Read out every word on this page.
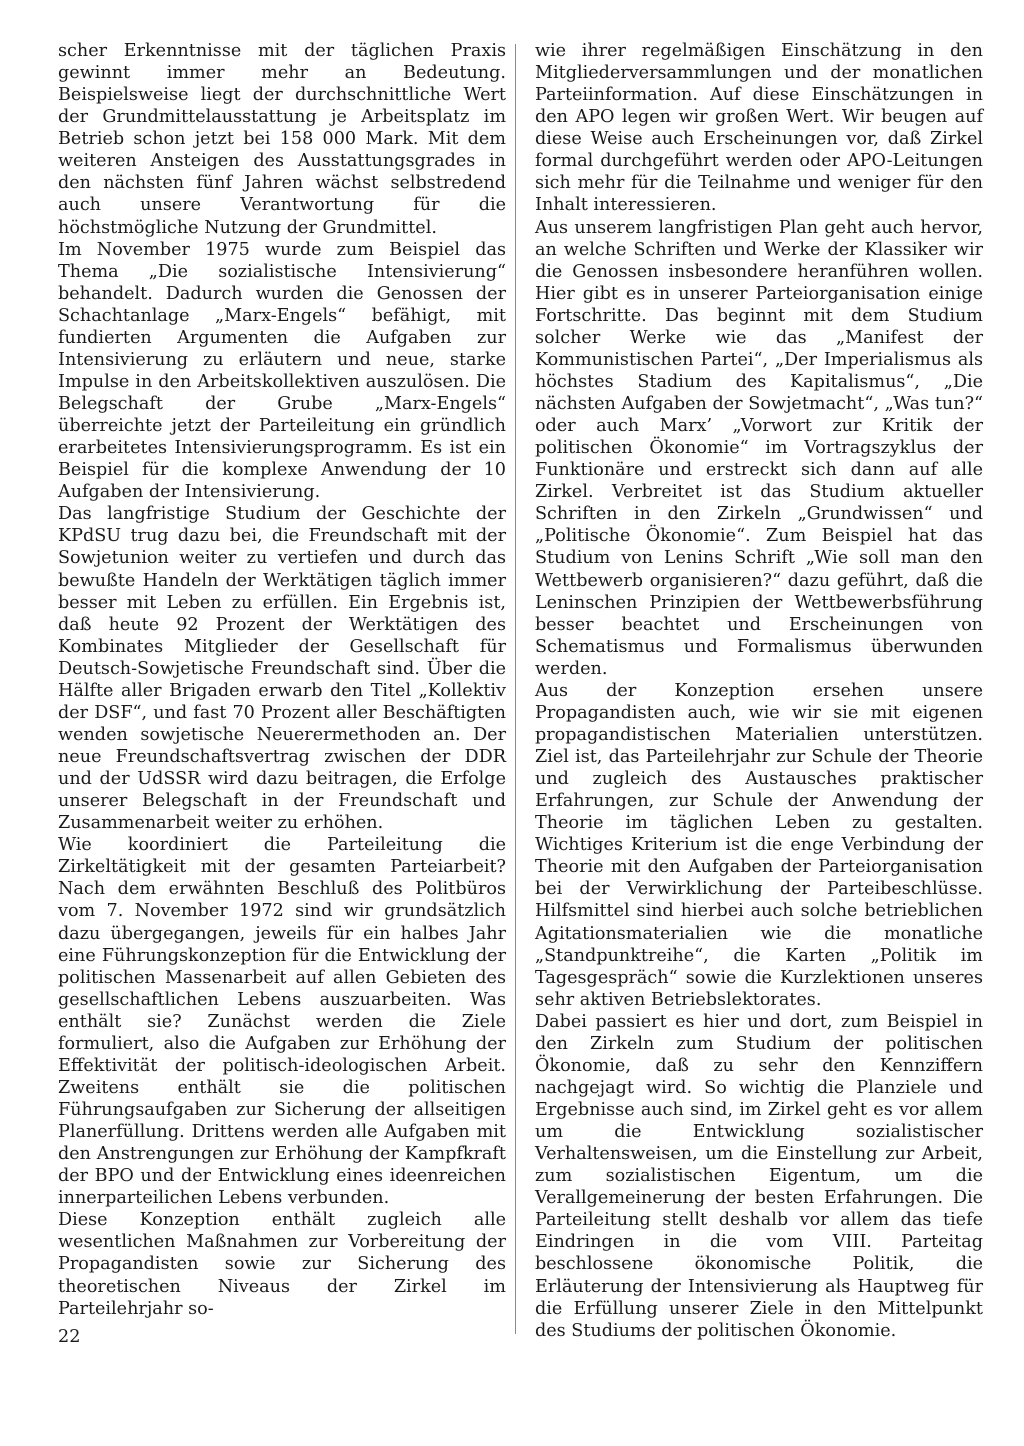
scher Erkenntnisse mit der täglichen Praxis gewinnt immer mehr an Bedeutung. Beispielsweise liegt der durchschnittliche Wert der Grundmittelausstattung je Arbeitsplatz im Betrieb schon jetzt bei 158 000 Mark. Mit dem weiteren Ansteigen des Ausstattungsgrades in den nächsten fünf Jahren wächst selbstredend auch unsere Verantwortung für die höchstmögliche Nutzung der Grundmittel.

Im November 1975 wurde zum Beispiel das Thema „Die sozialistische Intensivierung“ behandelt. Dadurch wurden die Genossen der Schachtanlage „Marx-Engels“ befähigt, mit fundierten Argumenten die Aufgaben zur Intensivierung zu erläutern und neue, starke Impulse in den Arbeitskollektiven auszulösen. Die Belegschaft der Grube „Marx-Engels“ überreichte jetzt der Parteileitung ein gründlich erarbeitetes Intensivierungsprogramm. Es ist ein Beispiel für die komplexe Anwendung der 10 Aufgaben der Intensivierung.

Das langfristige Studium der Geschichte der KPdSU trug dazu bei, die Freundschaft mit der Sowjetunion weiter zu vertiefen und durch das bewußte Handeln der Werktätigen täglich immer besser mit Leben zu erfüllen. Ein Ergebnis ist, daß heute 92 Prozent der Werktätigen des Kombinates Mitglieder der Gesellschaft für Deutsch-Sowjetische Freundschaft sind. Über die Hälfte aller Brigaden erwarb den Titel „Kollektiv der DSF“, und fast 70 Prozent aller Beschäftigten wenden sowjetische Neuerermethoden an. Der neue Freundschaftsvertrag zwischen der DDR und der UdSSR wird dazu beitragen, die Erfolge unserer Belegschaft in der Freundschaft und Zusammenarbeit weiter zu erhöhen.

Wie koordiniert die Parteileitung die Zirkeltätigkeit mit der gesamten Parteiarbeit? Nach dem erwähnten Beschluß des Politbüros vom 7. November 1972 sind wir grundsätzlich dazu übergegangen, jeweils für ein halbes Jahr eine Führungskonzeption für die Entwicklung der politischen Massenarbeit auf allen Gebieten des gesellschaftlichen Lebens auszuarbeiten. Was enthält sie? Zunächst werden die Ziele formuliert, also die Aufgaben zur Erhöhung der Effektivität der politisch-ideologischen Arbeit. Zweitens enthält sie die politischen Führungsaufgaben zur Sicherung der allseitigen Planerfüllung. Drittens werden alle Aufgaben mit den Anstrengungen zur Erhöhung der Kampfkraft der BPO und der Entwicklung eines ideenreichen innerparteilichen Lebens verbunden.

Diese Konzeption enthält zugleich alle wesentlichen Maßnahmen zur Vorbereitung der Propagandisten sowie zur Sicherung des theoretischen Niveaus der Zirkel im Parteilehrjahr so-

wie ihrer regelmäßigen Einschätzung in den Mitgliederversammlungen und der monatlichen Parteiinformation. Auf diese Einschätzungen in den APO legen wir großen Wert. Wir beugen auf diese Weise auch Erscheinungen vor, daß Zirkel formal durchgeführt werden oder APO-Leitungen sich mehr für die Teilnahme und weniger für den Inhalt interessieren.

Aus unserem langfristigen Plan geht auch hervor, an welche Schriften und Werke der Klassiker wir die Genossen insbesondere heranführen wollen. Hier gibt es in unserer Parteiorganisation einige Fortschritte. Das beginnt mit dem Studium solcher Werke wie das „Manifest der Kommunistischen Partei“, „Der Imperialismus als höchstes Stadium des Kapitalismus“, „Die nächsten Aufgaben der Sowjetmacht“, „Was tun?“ oder auch Marx’ „Vorwort zur Kritik der politischen Ökonomie“ im Vortragszyklus der Funktionäre und erstreckt sich dann auf alle Zirkel. Verbreitet ist das Studium aktueller Schriften in den Zirkeln „Grundwissen“ und „Politische Ökonomie“. Zum Beispiel hat das Studium von Lenins Schrift „Wie soll man den Wettbewerb organisieren?“ dazu geführt, daß die Leninschen Prinzipien der Wettbewerbsführung besser beachtet und Erscheinungen von Schematismus und Formalismus überwunden werden.

Aus der Konzeption ersehen unsere Propagandisten auch, wie wir sie mit eigenen propagandistischen Materialien unterstützen. Ziel ist, das Parteilehrjahr zur Schule der Theorie und zugleich des Austausches praktischer Erfahrungen, zur Schule der Anwendung der Theorie im täglichen Leben zu gestalten. Wichtiges Kriterium ist die enge Verbindung der Theorie mit den Aufgaben der Parteiorganisation bei der Verwirklichung der Parteibeschlüsse. Hilfsmittel sind hierbei auch solche betrieblichen Agitationsmaterialien wie die monatliche „Standpunktreihe“, die Karten „Politik im Tagesgespräch“ sowie die Kurzlektionen unseres sehr aktiven Betriebslektorates.

Dabei passiert es hier und dort, zum Beispiel in den Zirkeln zum Studium der politischen Ökonomie, daß zu sehr den Kennziffern nachgejagt wird. So wichtig die Planziele und Ergebnisse auch sind, im Zirkel geht es vor allem um die Entwicklung sozialistischer Verhaltensweisen, um die Einstellung zur Arbeit, zum sozialistischen Eigentum, um die Verallgemeinerung der besten Erfahrungen. Die Parteileitung stellt deshalb vor allem das tiefe Eindringen in die vom VIII. Parteitag beschlossene ökonomische Politik, die Erläuterung der Intensivierung als Hauptweg für die Erfüllung unserer Ziele in den Mittelpunkt des Studiums der politischen Ökonomie.

22
